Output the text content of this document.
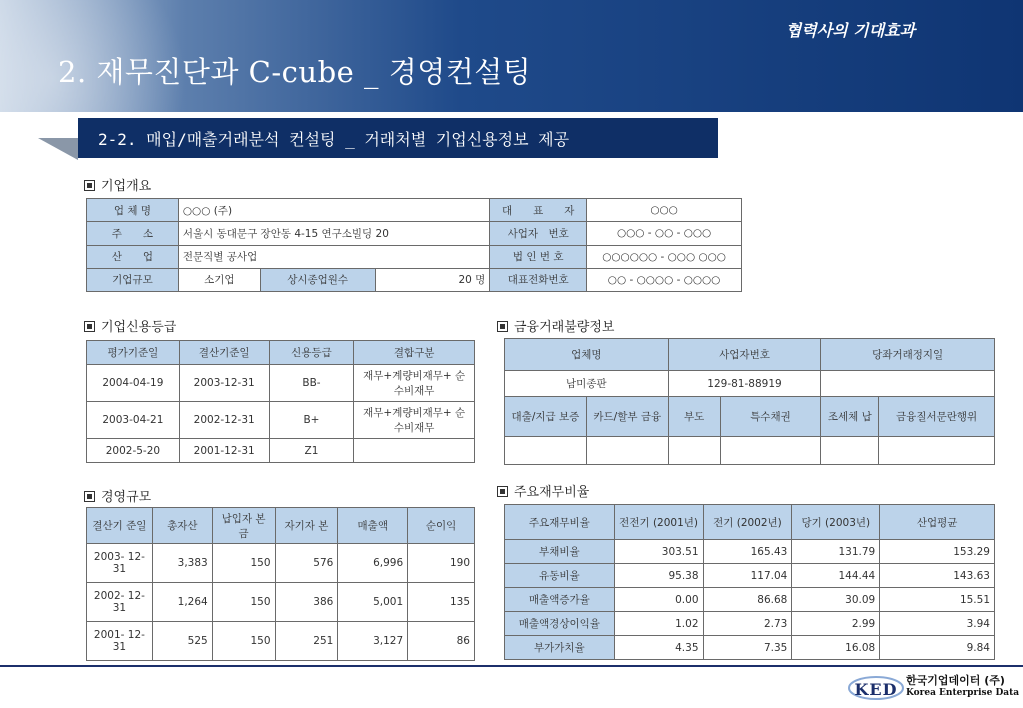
협력사의 기대효과
2. 재무진단과 C-cube _ 경영컨설팅
2-2. 매입/매출거래분석 컨설팅 _ 거래처별 기업신용정보 제공
기업개요
업 체 명	○○○ (주)			대　　표　　자	○○○
주　　소	서울시 동대문구 장안동 4-15 연구소빌딩 20			사업자　번호	○○○ - ○○ - ○○○
산　　업	전문직별 공사업			법 인 번 호	○○○○○○ - ○○○ ○○○
기업규모	소기업	상시종업원수	20 명	대표전화번호	○○ - ○○○○ - ○○○○
기업신용등급
평가기준일	결산기준일	신용등급	결합구분
2004-04-19	2003-12-31	BB-	재무+계량비재무+ 순수비재무
2003-04-21	2002-12-31	B+	재무+계량비재무+ 순수비재무
2002-5-20	2001-12-31	Z1	
금융거래불량정보
업체명		사업자번호		당좌거래정지일	
남미종판		129-81-88919			
대출/지급 보증	카드/할부 금융	부도	특수채권	조세체 납	금융질서문란행위

경영규모
결산기 준일	총자산	납입자 본금	자기자 본	매출액	순이익
2003- 12-31	3,383	150	576	6,996	190
2002- 12-31	1,264	150	386	5,001	135
2001- 12-31	525	150	251	3,127	86
주요재무비율
주요재무비율	전전기 (2001년)	전기 (2002년)	당기 (2003년)	산업평균
부채비율	303.51	165.43	131.79	153.29
유동비율	95.38	117.04	144.44	143.63
매출액증가율	0.00	86.68	30.09	15.51
매출액경상이익율	1.02	2.73	2.99	3.94
부가가치율	4.35	7.35	16.08	9.84
KED 한국기업데이터 (주)
Korea Enterprise Data
